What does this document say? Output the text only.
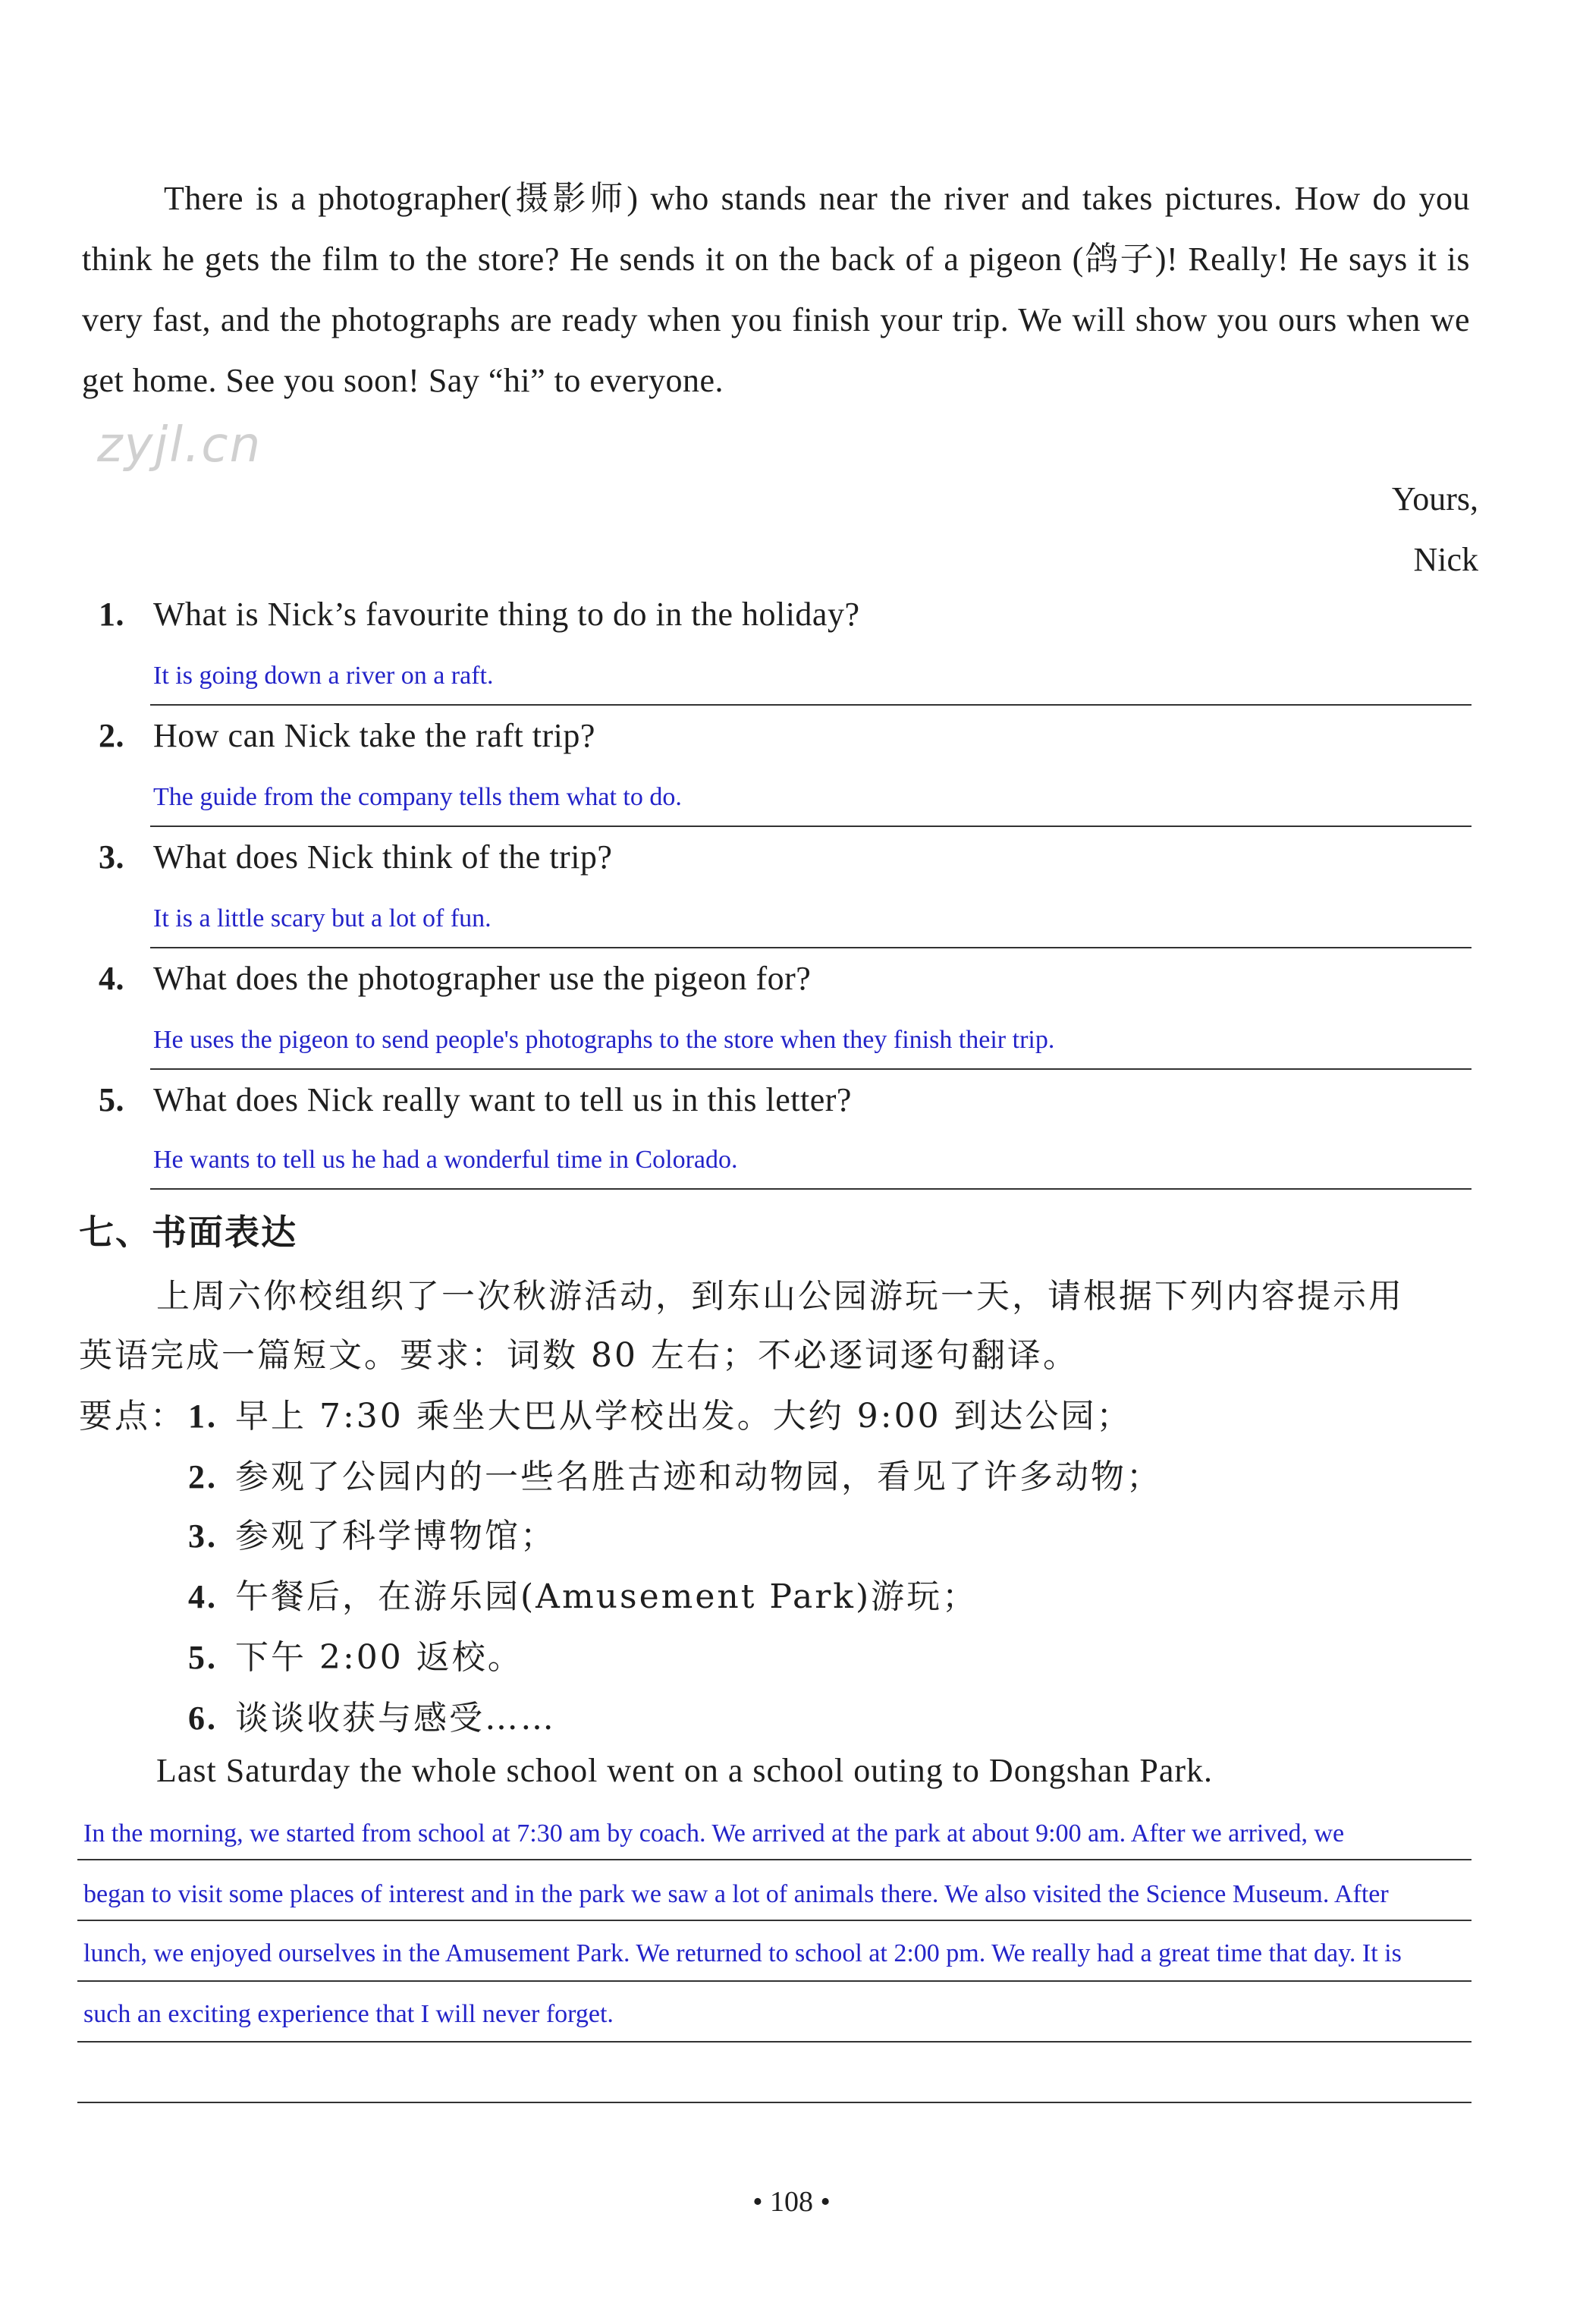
There is a photographer(摄影师) who stands near the river and takes pictures. How do you think he gets the film to the store? He sends it on the back of a pigeon (鸽子)! Really! He says it is very fast, and the photographs are ready when you finish your trip. We will show you ours when we get home. See you soon! Say “hi” to everyone.
zyjl.cn
Yours,
Nick
1. What is Nick’s favourite thing to do in the holiday?
It is going down a river on a raft.
2. How can Nick take the raft trip?
The guide from the company tells them what to do.
3. What does Nick think of the trip?
It is a little scary but a lot of fun.
4. What does the photographer use the pigeon for?
He uses the pigeon to send people's photographs to the store when they finish their trip.
5. What does Nick really want to tell us in this letter?
He wants to tell us he had a wonderful time in Colorado.
七、书面表达
上周六你校组织了一次秋游活动，到东山公园游玩一天，请根据下列内容提示用
英语完成一篇短文。要求：词数 80 左右；不必逐词逐句翻译。
要点： 1. 早上 7:30 乘坐大巴从学校出发。大约 9:00 到达公园；
2. 参观了公园内的一些名胜古迹和动物园，看见了许多动物；
3. 参观了科学博物馆；
4. 午餐后，在游乐园(Amusement Park)游玩；
5. 下午 2:00 返校。
6. 谈谈收获与感受……
Last Saturday the whole school went on a school outing to Dongshan Park.
In the morning, we started from school at 7:30 am by coach. We arrived at the park at about 9:00 am. After we arrived, we
began to visit some places of interest and in the park we saw a lot of animals there. We also visited the Science Museum. After
lunch, we enjoyed ourselves in the Amusement Park. We returned to school at 2:00 pm. We really had a great time that day. It is
such an exciting experience that I will never forget.
• 108 •
